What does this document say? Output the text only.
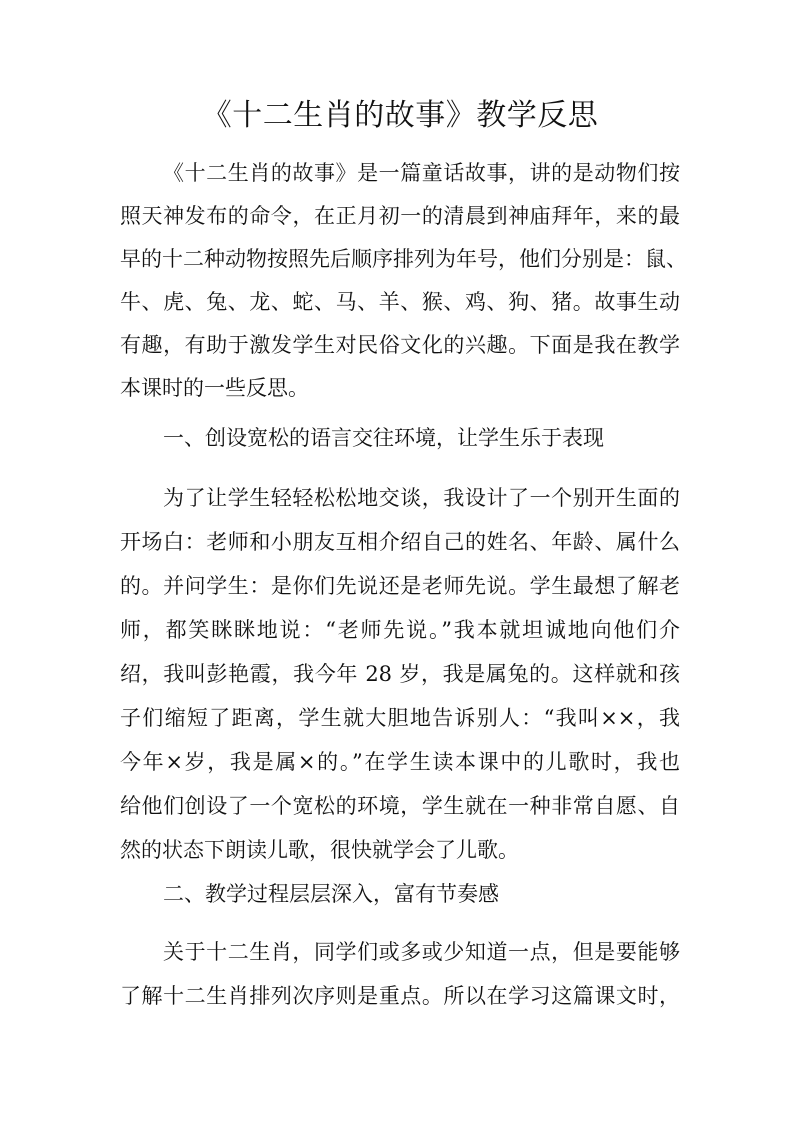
《十二生肖的故事》教学反思
《十二生肖的故事》是一篇童话故事，讲的是动物们按
照天神发布的命令，在正月初一的清晨到神庙拜年，来的最
早的十二种动物按照先后顺序排列为年号，他们分别是：鼠、
牛、虎、兔、龙、蛇、马、羊、猴、鸡、狗、猪。故事生动
有趣，有助于激发学生对民俗文化的兴趣。下面是我在教学
本课时的一些反思。
一、创设宽松的语言交往环境，让学生乐于表现
为了让学生轻轻松松地交谈，我设计了一个别开生面的
开场白：老师和小朋友互相介绍自己的姓名、年龄、属什么
的。并问学生：是你们先说还是老师先说。学生最想了解老
师，都笑眯眯地说：“老师先说。”我本就坦诚地向他们介
绍，我叫彭艳霞，我今年 28 岁，我是属兔的。这样就和孩
子们缩短了距离，学生就大胆地告诉别人：“我叫××，我
今年×岁，我是属×的。”在学生读本课中的儿歌时，我也
给他们创设了一个宽松的环境，学生就在一种非常自愿、自
然的状态下朗读儿歌，很快就学会了儿歌。
二、教学过程层层深入，富有节奏感
关于十二生肖，同学们或多或少知道一点，但是要能够
了解十二生肖排列次序则是重点。所以在学习这篇课文时，
